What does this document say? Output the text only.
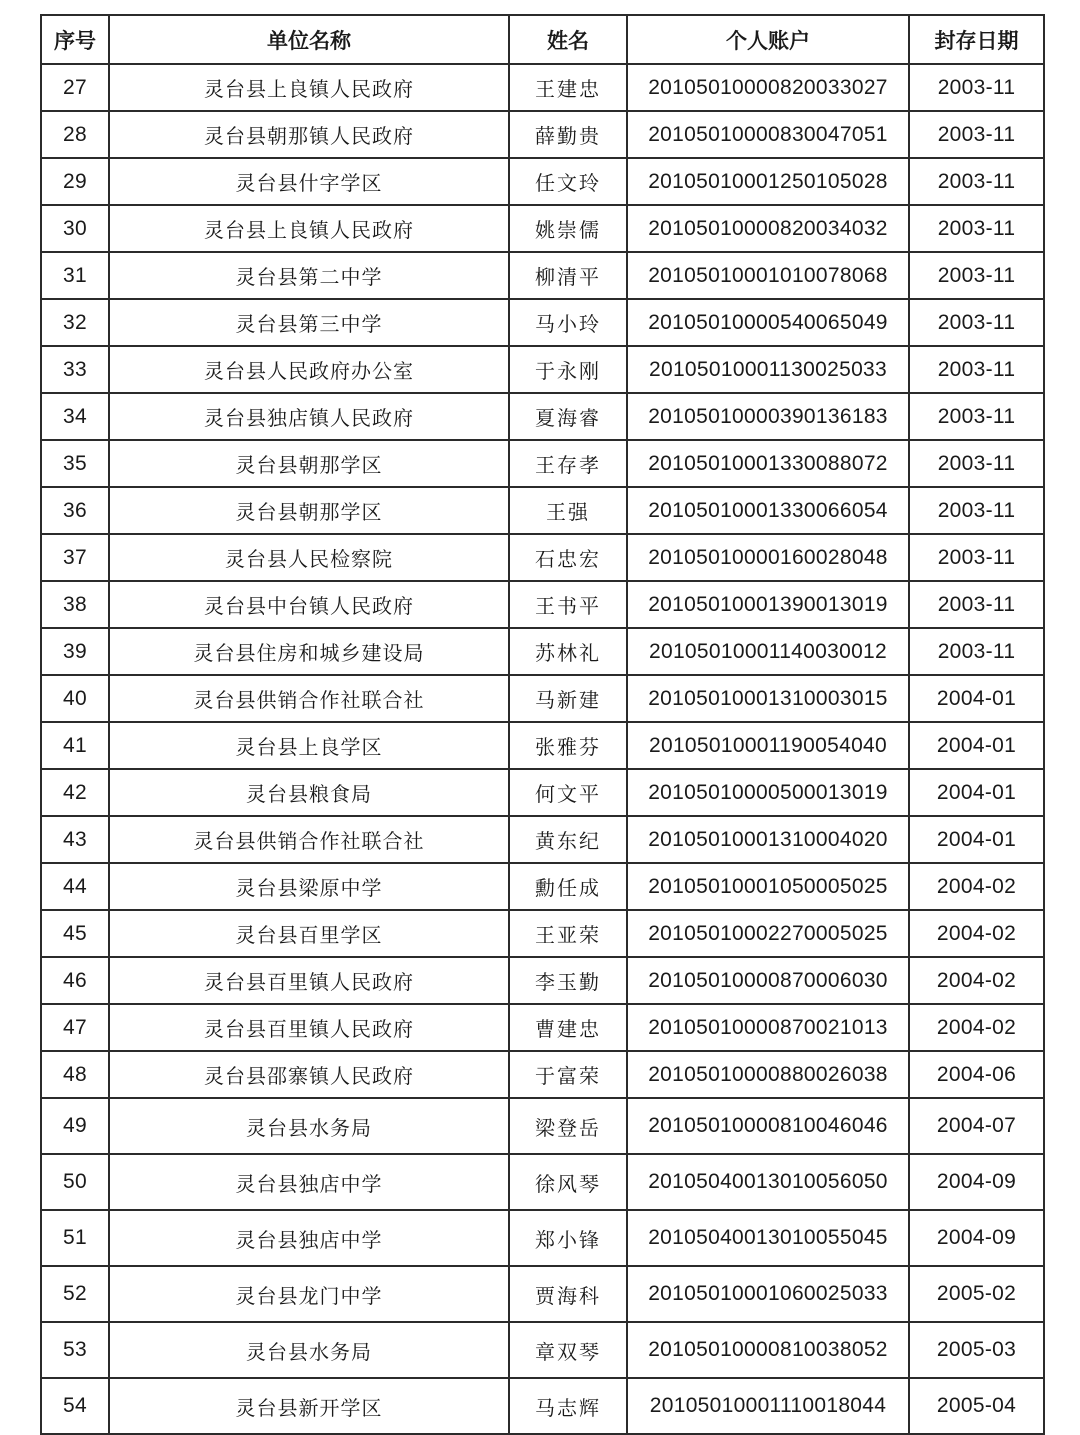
序号	单位名称	姓名	个人账户	封存日期
27	灵台县上良镇人民政府	王建忠	20105010000820033027	2003-11
28	灵台县朝那镇人民政府	薛勤贵	20105010000830047051	2003-11
29	灵台县什字学区	任文玲	20105010001250105028	2003-11
30	灵台县上良镇人民政府	姚崇儒	20105010000820034032	2003-11
31	灵台县第二中学	柳清平	20105010001010078068	2003-11
32	灵台县第三中学	马小玲	20105010000540065049	2003-11
33	灵台县人民政府办公室	于永刚	20105010001130025033	2003-11
34	灵台县独店镇人民政府	夏海睿	20105010000390136183	2003-11
35	灵台县朝那学区	王存孝	20105010001330088072	2003-11
36	灵台县朝那学区	王强	20105010001330066054	2003-11
37	灵台县人民检察院	石忠宏	20105010000160028048	2003-11
38	灵台县中台镇人民政府	王书平	20105010001390013019	2003-11
39	灵台县住房和城乡建设局	苏林礼	20105010001140030012	2003-11
40	灵台县供销合作社联合社	马新建	20105010001310003015	2004-01
41	灵台县上良学区	张雅芬	20105010001190054040	2004-01
42	灵台县粮食局	何文平	20105010000500013019	2004-01
43	灵台县供销合作社联合社	黄东纪	20105010001310004020	2004-01
44	灵台县梁原中学	勳任成	20105010001050005025	2004-02
45	灵台县百里学区	王亚荣	20105010002270005025	2004-02
46	灵台县百里镇人民政府	李玉勤	20105010000870006030	2004-02
47	灵台县百里镇人民政府	曹建忠	20105010000870021013	2004-02
48	灵台县邵寨镇人民政府	于富荣	20105010000880026038	2004-06
49	灵台县水务局	梁登岳	20105010000810046046	2004-07
50	灵台县独店中学	徐风琴	20105040013010056050	2004-09
51	灵台县独店中学	郑小锋	20105040013010055045	2004-09
52	灵台县龙门中学	贾海科	20105010001060025033	2005-02
53	灵台县水务局	章双琴	20105010000810038052	2005-03
54	灵台县新开学区	马志辉	20105010001110018044	2005-04
